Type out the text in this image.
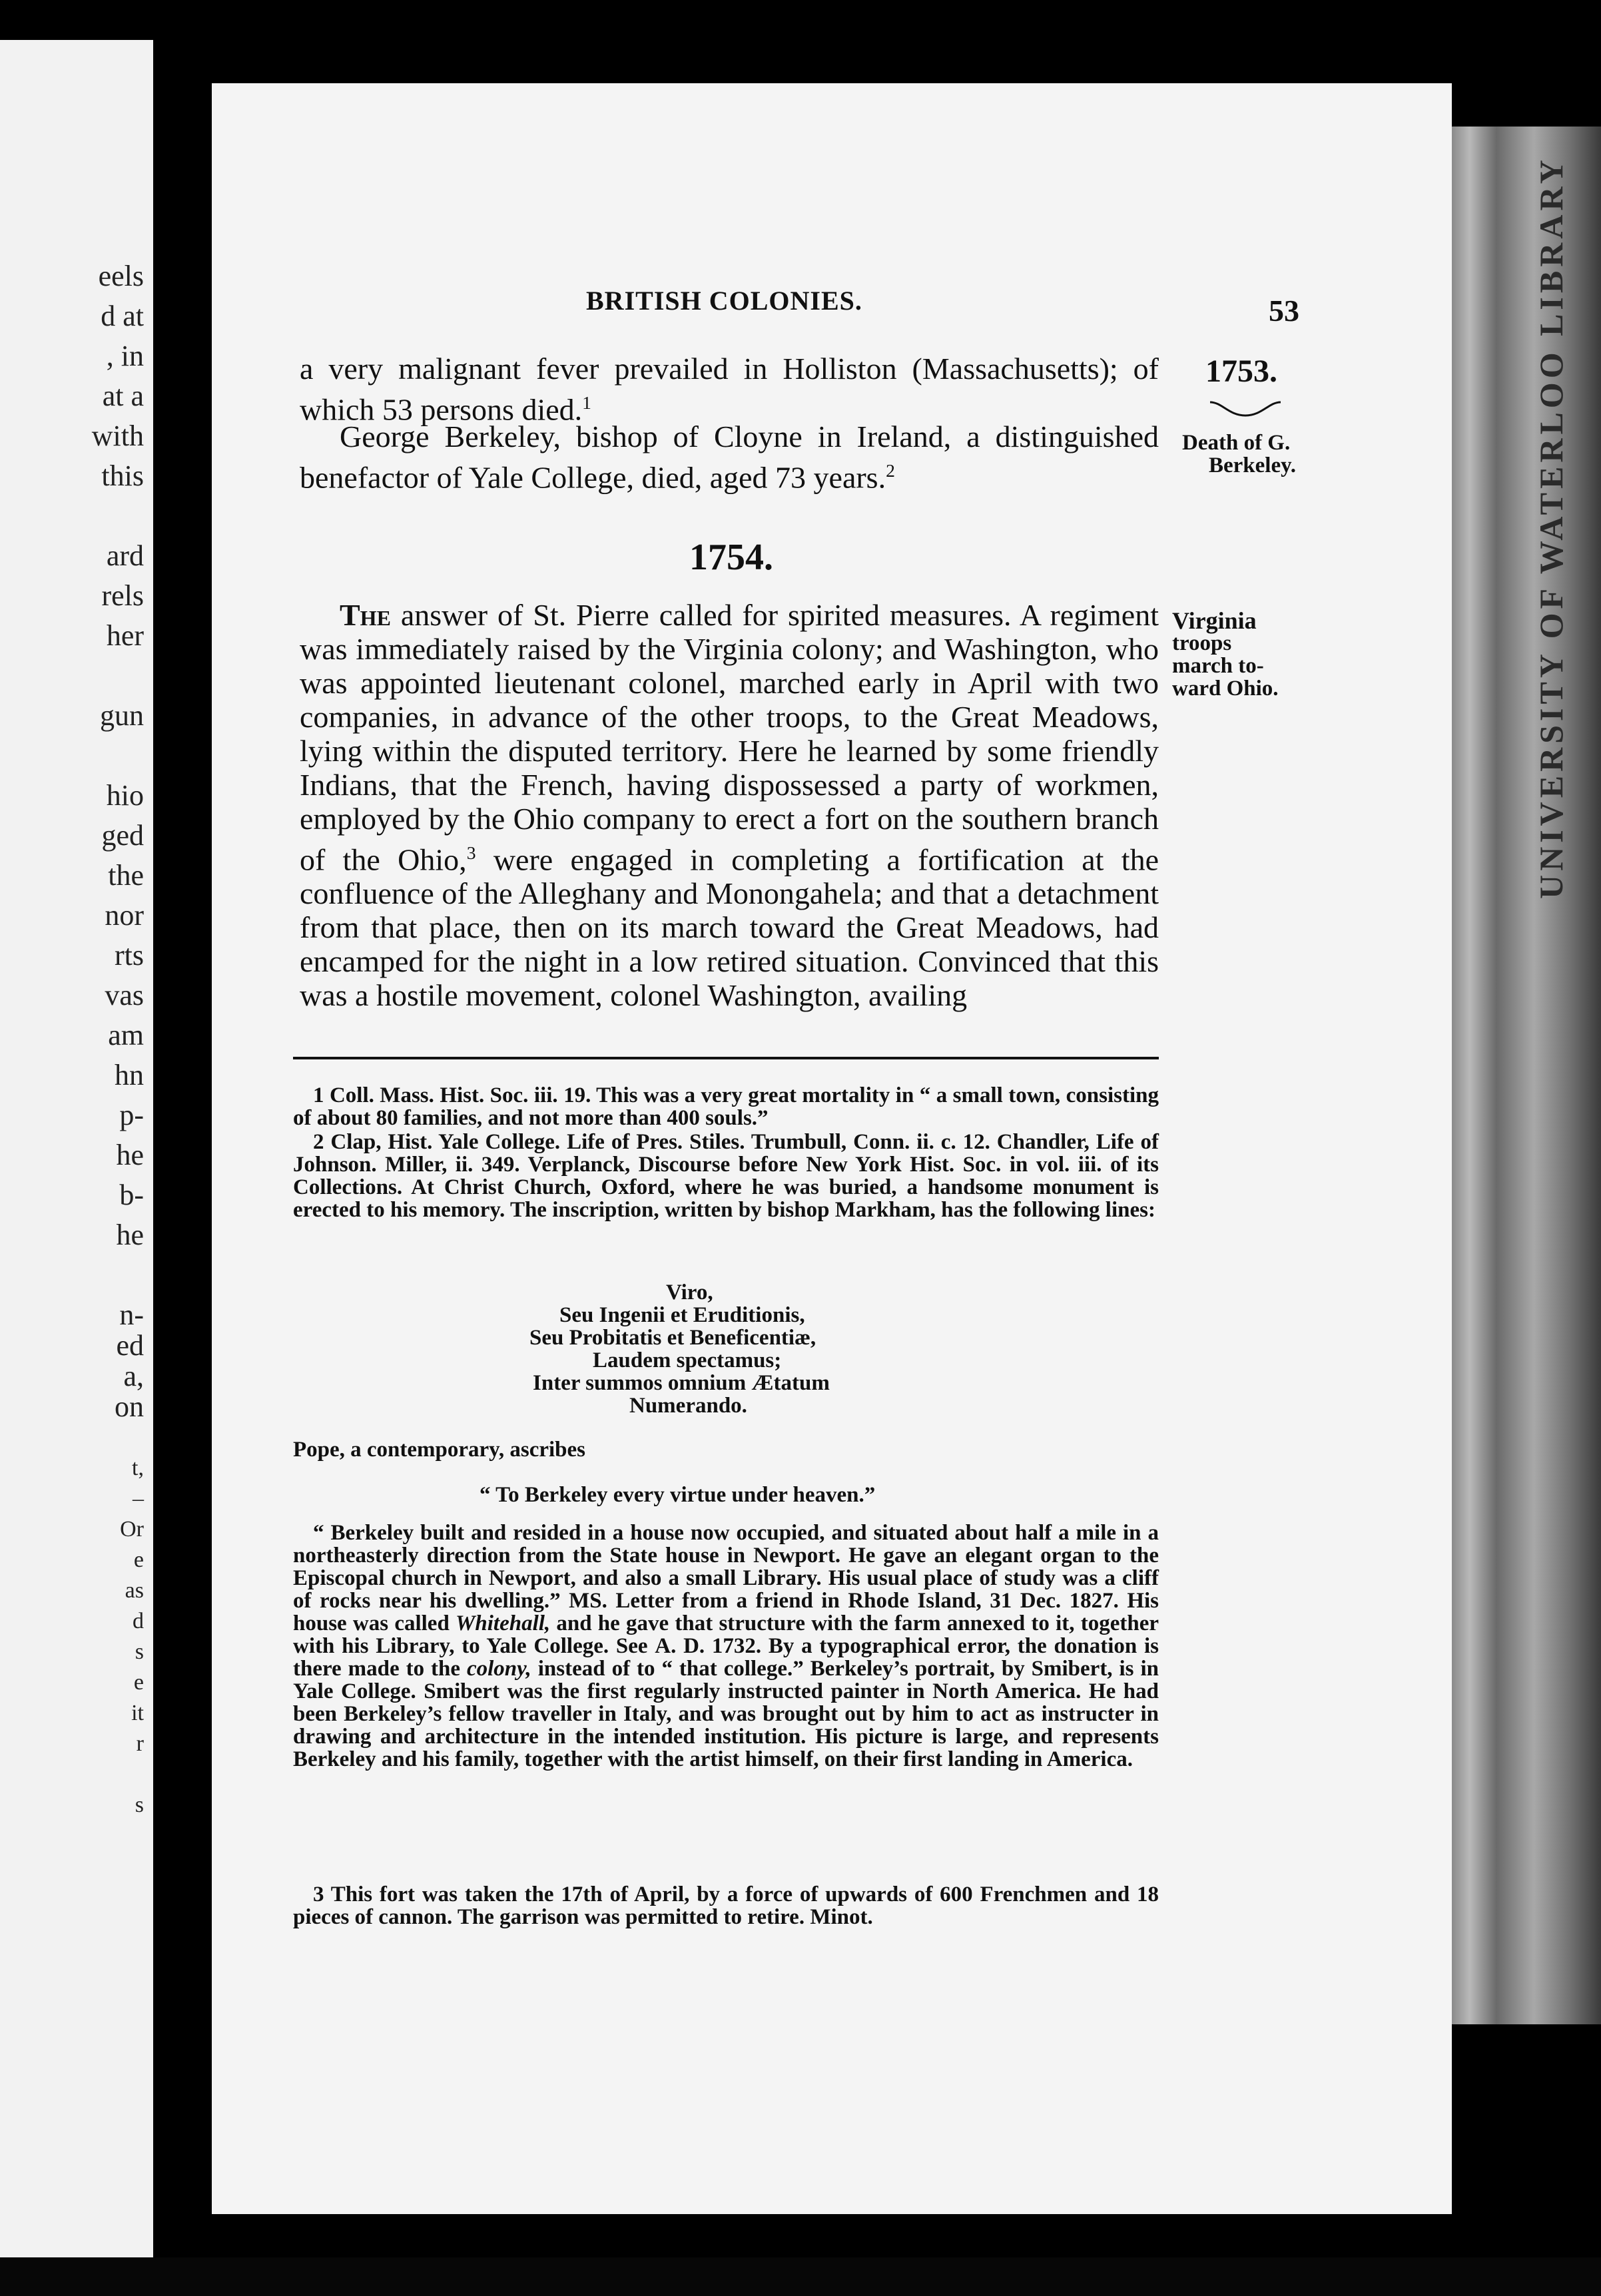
eels
d at
, in
at a
with
this
ard
rels
her
gun
hio
ged
the
nor
rts
vas
am
hn
p-
he
b-
he
n-
ed
a,
on
t,
–
Or
e
as
d
s
e
it
r
s
UNIVERSITY OF WATERLOO LIBRARY
BRITISH COLONIES.	53

a very malignant fever prevailed in Holliston (Massachusetts); of which 53 persons died.$^1$

1753.

George Berkeley, bishop of Cloyne in Ireland, a distinguished benefactor of Yale College, died, aged 73 years.$^2$

Death of G.
Berkeley.
1754.

The answer of St. Pierre called for spirited measures. A regiment was immediately raised by the Virginia colony; and Washington, who was appointed lieutenant colonel, marched early in April with two companies, in advance of the other troops, to the Great Meadows, lying within the disputed territory. Here he learned by some friendly Indians, that the French, having dispossessed a party of workmen, employed by the Ohio company to erect a fort on the southern branch of the Ohio,$^3$ were engaged in completing a fortification at the confluence of the Alleghany and Monongahela; and that a detachment from that place, then on its march toward the Great Meadows, had encamped for the night in a low retired situation. Convinced that this was a hostile movement, colonel Washington, availing

Virginia
troops
march to-
ward Ohio.

1 Coll. Mass. Hist. Soc. iii. 19. This was a very great mortality in “ a small town, consisting of about 80 families, and not more than 400 souls.”

2 Clap, Hist. Yale College. Life of Pres. Stiles. Trumbull, Conn. ii. c. 12. Chandler, Life of Johnson. Miller, ii. 349. Verplanck, Discourse before New York Hist. Soc. in vol. iii. of its Collections. At Christ Church, Oxford, where he was buried, a handsome monument is erected to his memory. The inscription, written by bishop Markham, has the following lines:

Viro,
Seu Ingenii et Eruditionis,
Seu Probitatis et Beneficentiæ,
Laudem spectamus;
Inter summos omnium Ætatum
Numerando.
Pope, a contemporary, ascribes
“ To Berkeley every virtue under heaven.”

“ Berkeley built and resided in a house now occupied, and situated about half a mile in a northeasterly direction from the State house in Newport. He gave an elegant organ to the Episcopal church in Newport, and also a small Library. His usual place of study was a cliff of rocks near his dwelling.” MS. Letter from a friend in Rhode Island, 31 Dec. 1827. His house was called Whitehall, and he gave that structure with the farm annexed to it, together with his Library, to Yale College. See A. D. 1732. By a typographical error, the donation is there made to the colony, instead of to “ that college.” Berkeley’s portrait, by Smibert, is in Yale College. Smibert was the first regularly instructed painter in North America. He had been Berkeley’s fellow traveller in Italy, and was brought out by him to act as instructer in drawing and architecture in the intended institution. His picture is large, and represents Berkeley and his family, together with the artist himself, on their first landing in America.

3 This fort was taken the 17th of April, by a force of upwards of 600 Frenchmen and 18 pieces of cannon. The garrison was permitted to retire. Minot.
